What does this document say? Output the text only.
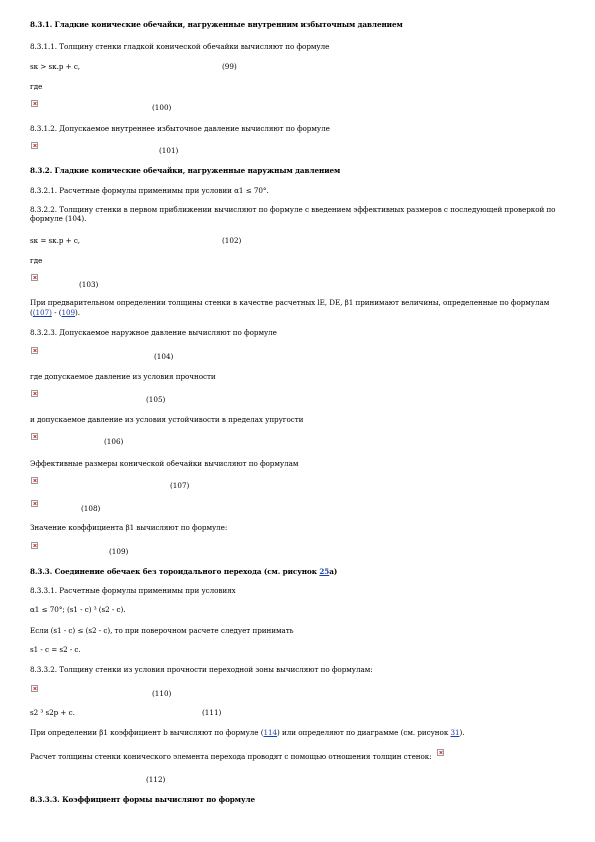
8.3.1. Гладкие конические обечайки, нагруженные внутренним избыточным давлением
8.3.1.1. Толщину стенки гладкой конической обечайки вычисляют по формуле
sк > sк.р + с,	(99)
где
(100)
8.3.1.2. Допускаемое внутреннее избыточное давление вычисляют по формуле
(101)
8.3.2. Гладкие конические обечайки, нагруженные наружным давлением
8.3.2.1. Расчетные формулы применимы при условии α1 ≤ 70°.
8.3.2.2. Толщину стенки в первом приближении вычисляют по формуле с введением эффективных размеров с последующей проверкой по формуле (104).
sк = sк.р + с,	(102)
где
(103)
При предварительном определении толщины стенки в качестве расчетных lЕ, DЕ, β1 принимают величины, определенные по формулам
((107) - (109).
8.3.2.3. Допускаемое наружное давление вычисляют по формуле
(104)
где допускаемое давление из условия прочности
(105)
и допускаемое давление из условия устойчивости в пределах упругости
(106)
Эффективные размеры конической обечайки вычисляют по формулам
(107)
(108)
Значение коэффициента β1 вычисляют по формуле:
(109)
8.3.3. Соединение обечаек без тороидального перехода (см. рисунок 25а)
8.3.3.1. Расчетные формулы применимы при условиях
α1 ≤ 70°; (s1 - с) ³ (s2 - с).
Если (s1 - с) ≤ (s2 - с), то при поверочном расчете следует принимать
s1 - с = s2 - с.
8.3.3.2. Толщину стенки из условия прочности переходной зоны вычисляют по формулам:
(110)
s2 ³ s2р + с.	(111)
При определении β1 коэффициент b вычисляют по формуле (114) или определяют по диаграмме (см. рисунок 31).
Расчет толщины стенки конического элемента перехода проводят с помощью отношения толщин стенок:
(112)
8.3.3.3. Коэффициент формы вычисляют по формуле
